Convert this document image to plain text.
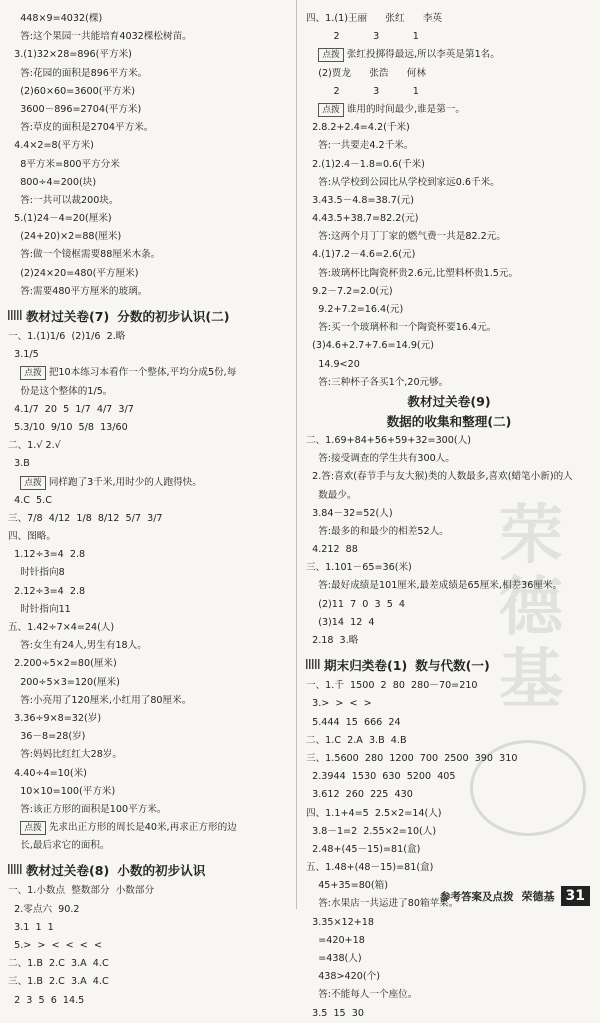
荣
德
基
448×9=4032(棵)
答:这个果园一共能培育4032棵松树苗。
3.(1)32×28=896(平方米)
答:花园的面积是896平方米。
(2)60×60=3600(平方米)
3600－896=2704(平方米)
答:草皮的面积是2704平方米。
4.4×2=8(平方米)
8平方米=800平方分米
800÷4=200(块)
答:一共可以裁200块。
5.(1)24－4=20(厘米)
(24+20)×2=88(厘米)
答:做一个镜框需要88厘米木条。
(2)24×20=480(平方厘米)
答:需要480平方厘米的玻璃。
教材过关卷(7) 分数的初步认识(二)
一、1.(1)1/6  (2)1/6  2.略
3.1/5
点拨 把10本练习本看作一个整体,平均分成5份,每
份是这个整体的1/5。
4.1/7  20  5  1/7  4/7  3/7
5.3/10  9/10  5/8  13/60
二、1.√ 2.√
3.B
点拨 同样跑了3千米,用时少的人跑得快。
4.C  5.C
三、7/8  4/12  1/8  8/12  5/7  3/7
四、图略。
1.12÷3=4  2.8
时针指向8
2.12÷3=4  2.8
时针指向11
五、1.42÷7×4=24(人)
答:女生有24人,男生有18人。
2.200÷5×2=80(厘米)
200÷5×3=120(厘米)
答:小亮用了120厘米,小红用了80厘米。
3.36÷9×8=32(岁)
36－8=28(岁)
答:妈妈比红红大28岁。
4.40÷4=10(米)
10×10=100(平方米)
答:该正方形的面积是100平方米。
点拨 先求出正方形的周长是40米,再求正方形的边
长,最后求它的面积。
教材过关卷(8) 小数的初步认识
一、1.小数点  整数部分  小数部分
2.零点六  90.2
3.1  1  1
5.>  >  <  <  <  <
二、1.B  2.C  3.A  4.C
三、1.B  2.C  3.A  4.C
2  3  5  6  14.5
四、1.(1)王丽      张红      李英
2           3           1
点拨 张红投掷得最远,所以李英是第1名。
(2)贾龙      张浩      何林
2           3           1
点拨 谁用的时间最少,谁是第一。
2.8.2+2.4=4.2(千米)
答:一共要走4.2千米。
2.(1)2.4－1.8=0.6(千米)
答:从学校到公园比从学校到家远0.6千米。
3.43.5－4.8=38.7(元)
4.43.5+38.7=82.2(元)
答:这两个月丁丁家的燃气费一共是82.2元。
4.(1)7.2－4.6=2.6(元)
答:玻璃杯比陶瓷杯贵2.6元,比塑料杯贵1.5元。
9.2－7.2=2.0(元)
9.2+7.2=16.4(元)
答:买一个玻璃杯和一个陶瓷杯要16.4元。
(3)4.6+2.7+7.6=14.9(元)
14.9<20
答:三种杯子各买1个,20元够。
教材过关卷(9)
数据的收集和整理(二)
二、1.69+84+56+59+32=300(人)
答:接受调查的学生共有300人。
2.答:喜欢(春节手与友大猴)类的人数最多,喜欢(蜡笔小新)的人
数最少。
3.84－32=52(人)
答:最多的和最少的相差52人。
4.212  88
三、1.101－65=36(米)
答:最好成绩是101厘米,最差成绩是65厘米,相差36厘米。
(2)11  7  0  3  5  4
(3)14  12  4
2.18  3.略
期末归类卷(1) 数与代数(一)
一、1.千  1500  2  80  280－70=210
3.>  >  <  >
5.444  15  666  24
二、1.C  2.A  3.B  4.B
三、1.5600  280  1200  700  2500  390  310
2.3944  1530  630  5200  405
3.612  260  225  430
四、1.1+4=5  2.5×2=14(人)
3.8－1=2  2.55×2=10(人)
2.48+(45－15)=81(盒)
五、1.48+(48－15)=81(盒)
45+35=80(箱)
答:水果店一共运进了80箱苹果。
3.35×12+18
=420+18
=438(人)
438>420(个)
答:不能每人一个座位。
3.5  15  30
参考答案及点拨 荣德基 31
